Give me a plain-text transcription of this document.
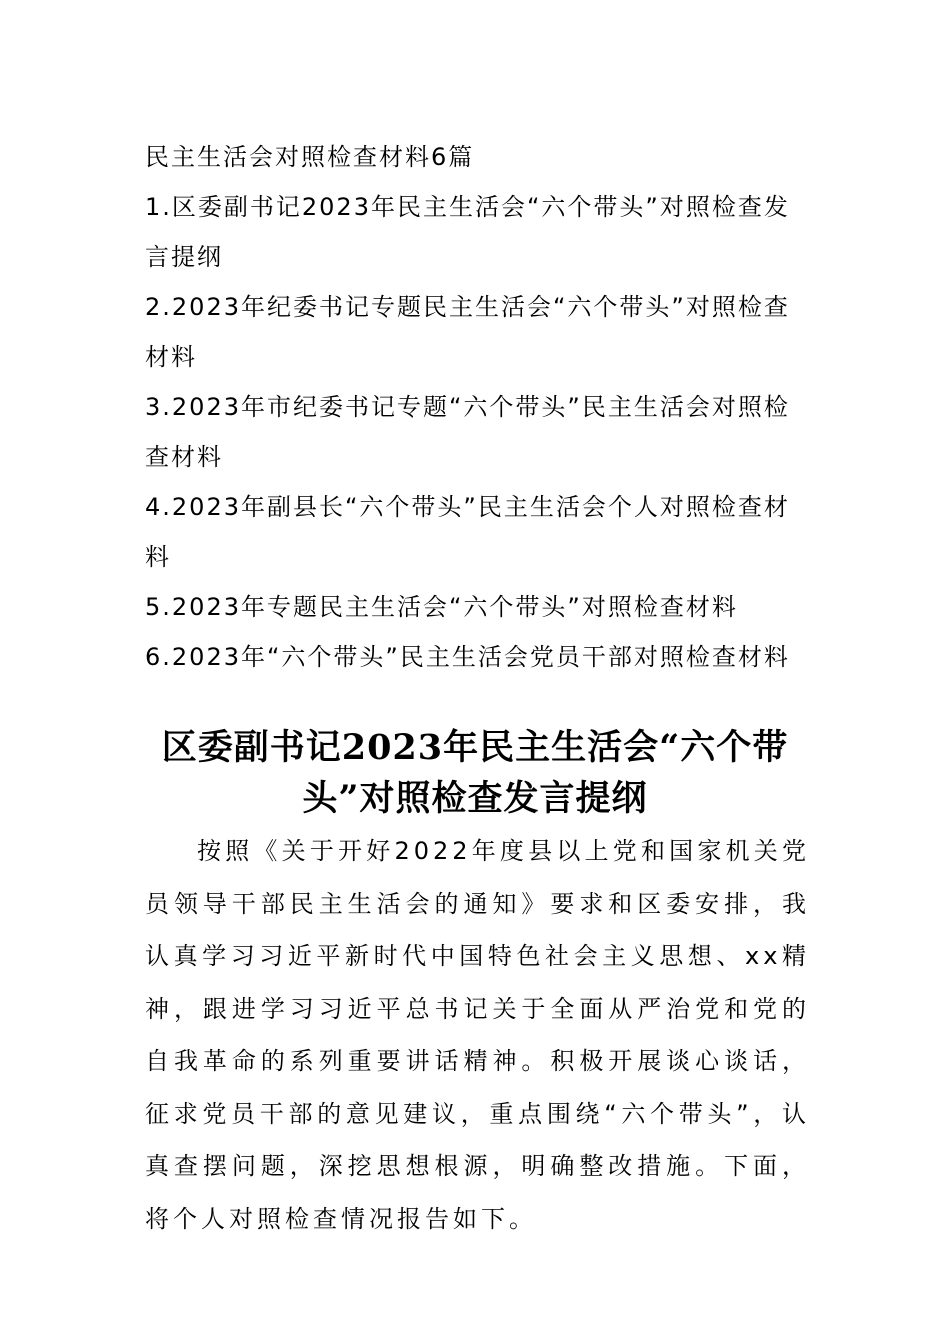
民主生活会对照检查材料6篇

1.区委副书记2023年民主生活会“六个带头”对照检查发言提纲

2.2023年纪委书记专题民主生活会“六个带头”对照检查材料

3.2023年市纪委书记专题“六个带头”民主生活会对照检查材料

4.2023年副县长“六个带头”民主生活会个人对照检查材料

5.2023年专题民主生活会“六个带头”对照检查材料

6.2023年“六个带头”民主生活会党员干部对照检查材料

区委副书记2023年民主生活会“六个带头”对照检查发言提纲

按照《关于开好2022年度县以上党和国家机关党员领导干部民主生活会的通知》要求和区委安排，我认真学习习近平新时代中国特色社会主义思想、xx精神，跟进学习习近平总书记关于全面从严治党和党的自我革命的系列重要讲话精神。积极开展谈心谈话，征求党员干部的意见建议，重点围绕“六个带头”，认真查摆问题，深挖思想根源，明确整改措施。下面，将个人对照检查情况报告如下。
